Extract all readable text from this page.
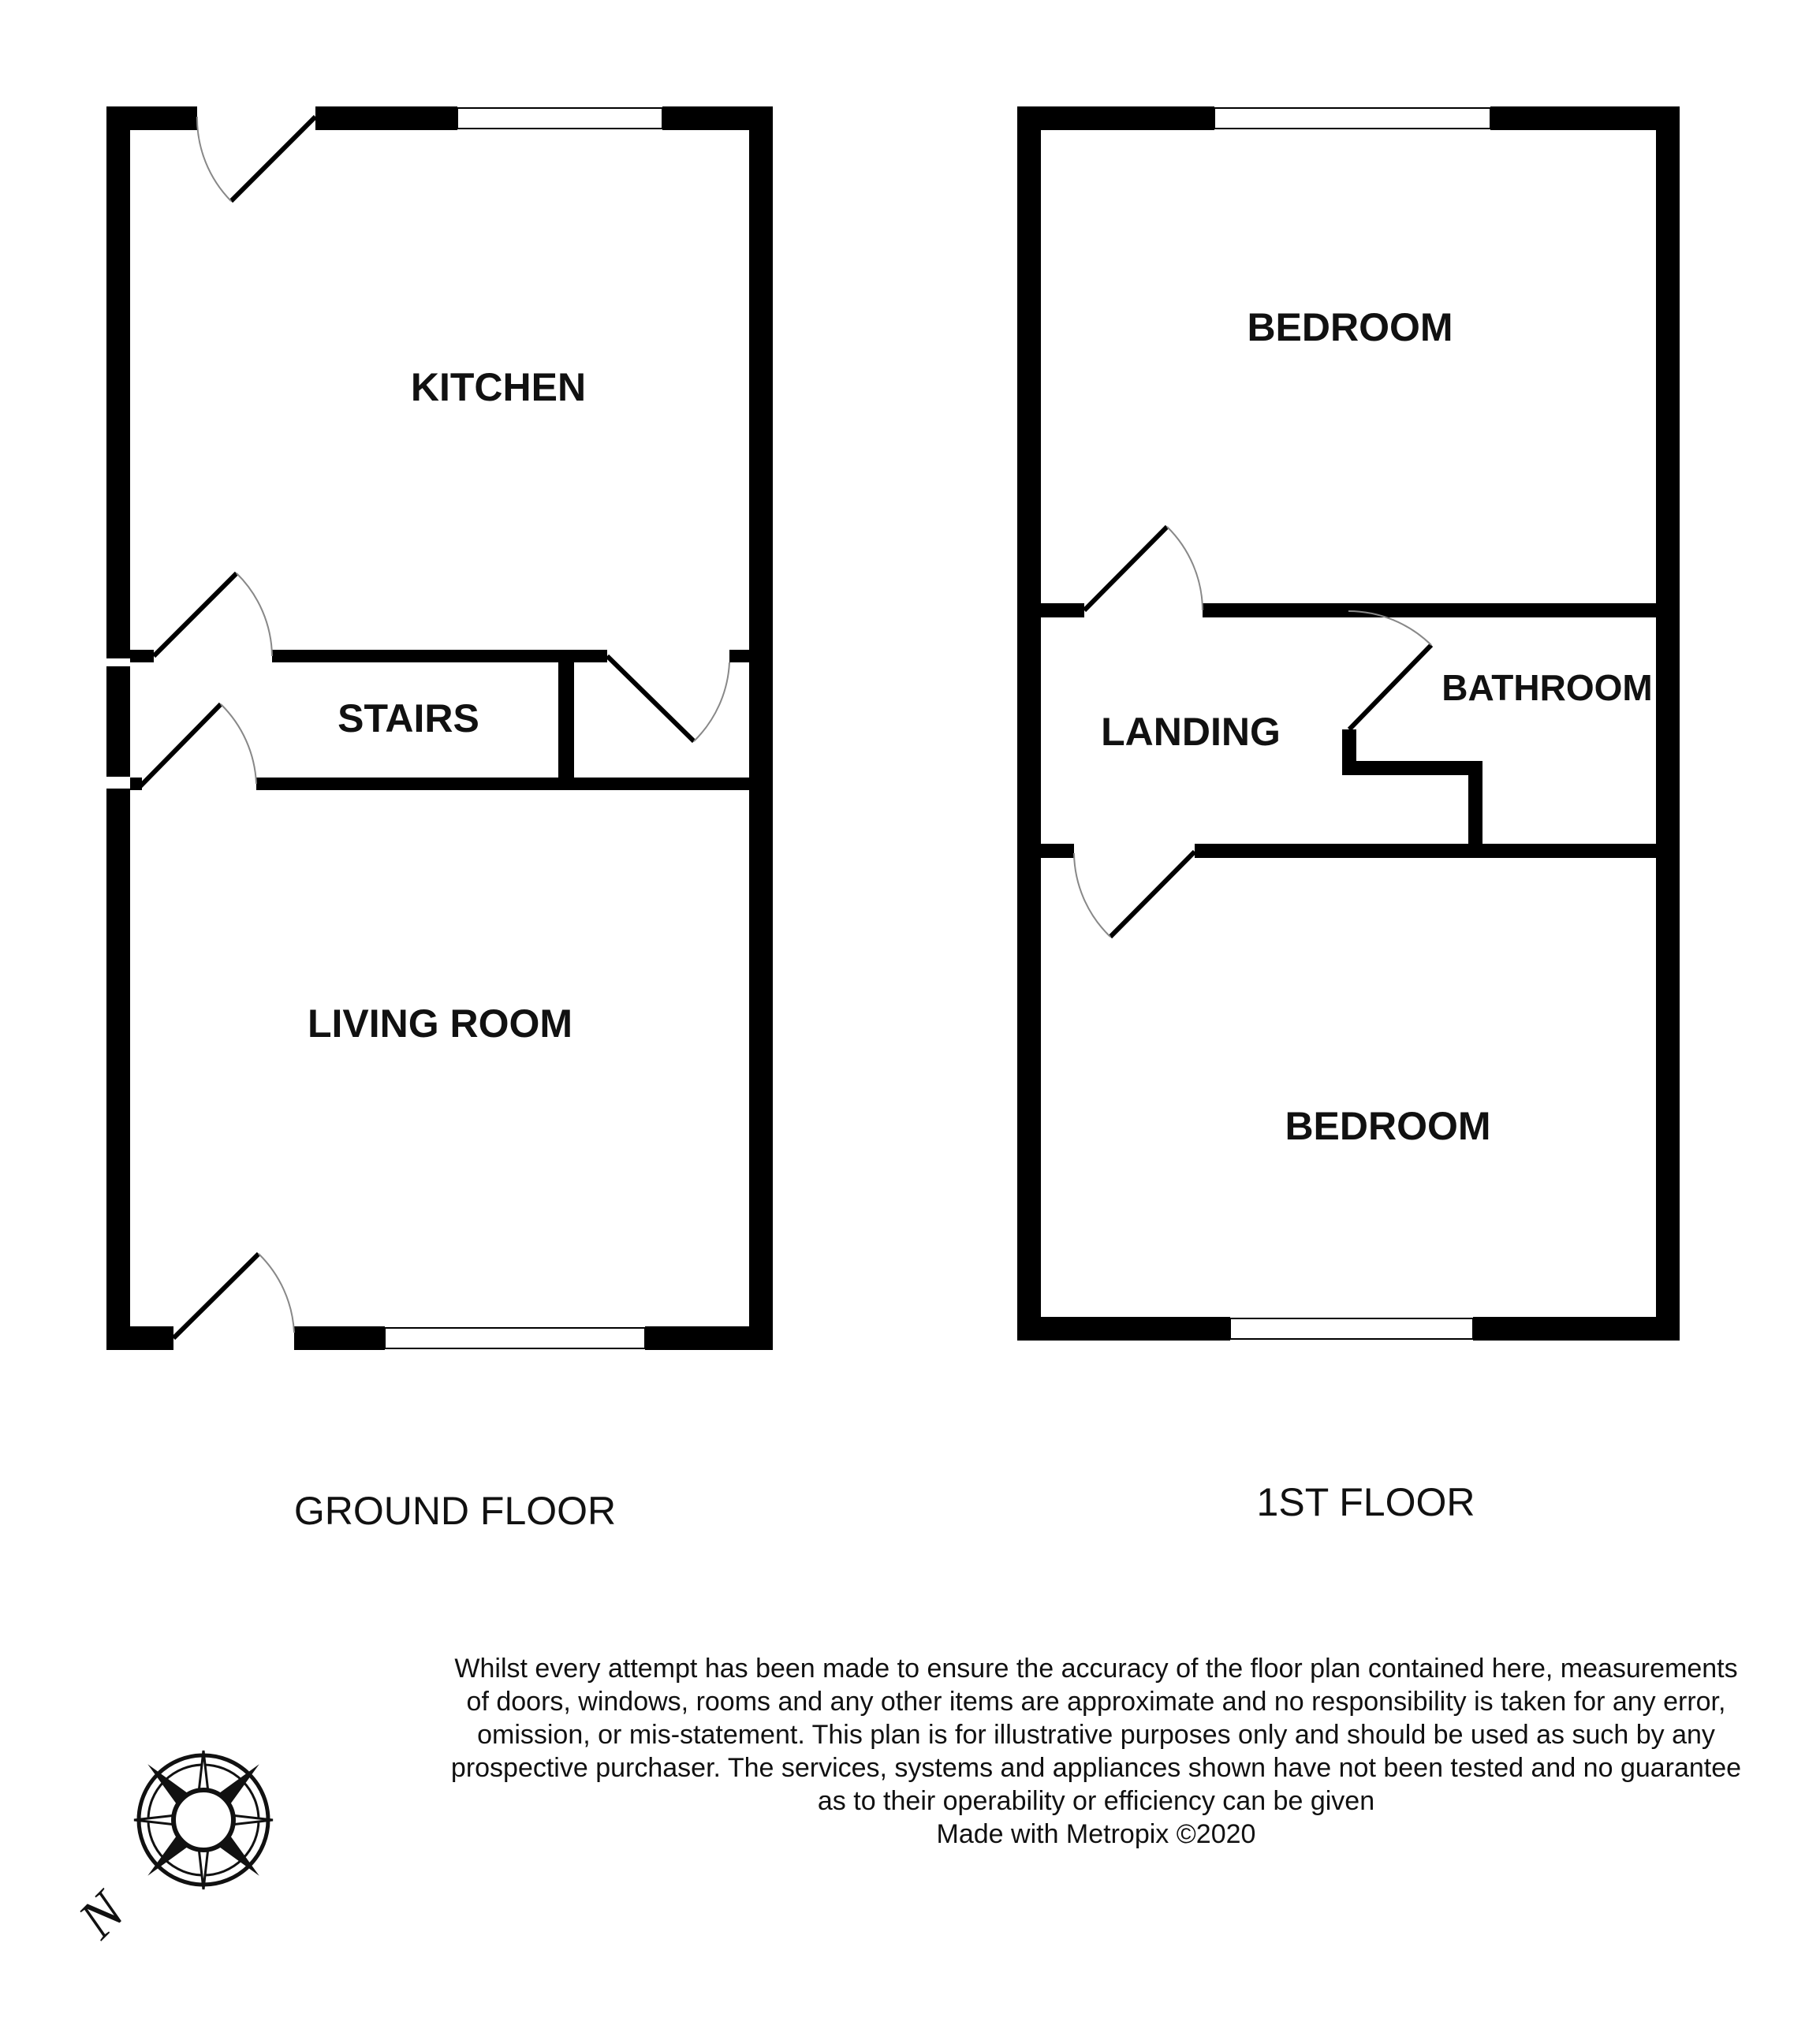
KITCHEN
STAIRS
LIVING ROOM
GROUND FLOOR
BEDROOM
LANDING
BATHROOM
BEDROOM
1ST FLOOR
N
Whilst every attempt has been made to ensure the accuracy of the floor plan contained here, measurements
of doors, windows, rooms and any other items are approximate and no responsibility is taken for any error,
omission, or mis-statement. This plan is for illustrative purposes only and should be used as such by any
prospective purchaser. The services, systems and appliances shown have not been tested and no guarantee
as to their operability or efficiency can be given
Made with Metropix ©2020
